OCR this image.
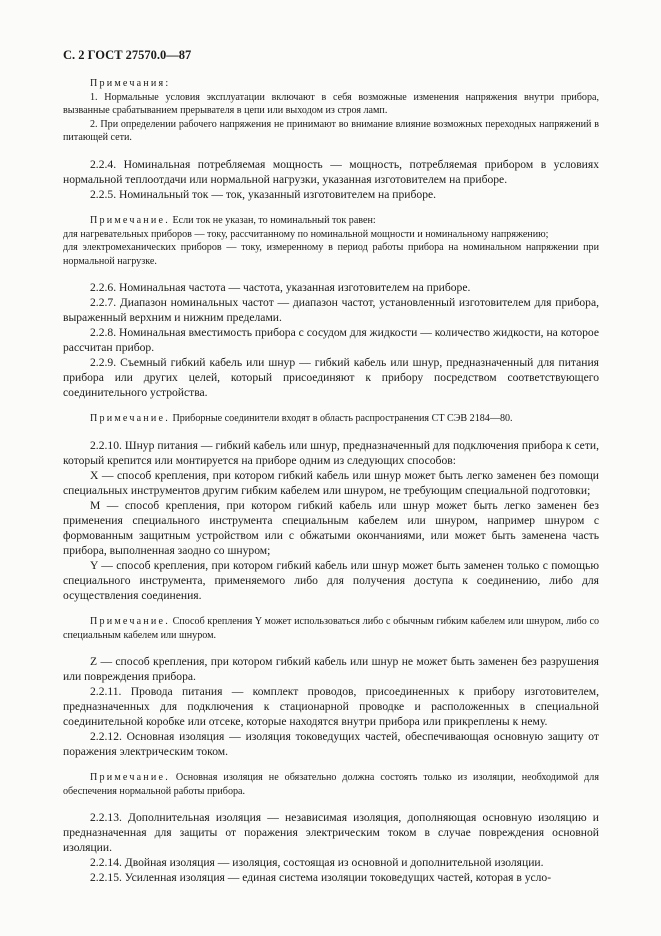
С. 2 ГОСТ 27570.0—87

Примечания:

1. Нормальные условия эксплуатации включают в себя возможные изменения напряжения внутри прибора, вызванные срабатыванием прерывателя в цепи или выходом из строя ламп.

2. При определении рабочего напряжения не принимают во внимание влияние возможных переходных напряжений в питающей сети.

2.2.4. Номинальная потребляемая мощность — мощность, потребляемая прибором в условиях нормальной теплоотдачи или нормальной нагрузки, указанная изготовителем на приборе.

2.2.5. Номинальный ток — ток, указанный изготовителем на приборе.

Примечание. Если ток не указан, то номинальный ток равен:

для нагревательных приборов — току, рассчитанному по номинальной мощности и номинальному напряжению;

для электромеханических приборов — току, измеренному в период работы прибора на номинальном напряжении при нормальной нагрузке.

2.2.6. Номинальная частота — частота, указанная изготовителем на приборе.

2.2.7. Диапазон номинальных частот — диапазон частот, установленный изготовителем для прибора, выраженный верхним и нижним пределами.

2.2.8. Номинальная вместимость прибора с сосудом для жидкости — количество жидкости, на которое рассчитан прибор.

2.2.9. Съемный гибкий кабель или шнур — гибкий кабель или шнур, предназначенный для питания прибора или других целей, который присоединяют к прибору посредством соответствующего соединительного устройства.

Примечание. Приборные соединители входят в область распространения СТ СЭВ 2184—80.

2.2.10. Шнур питания — гибкий кабель или шнур, предназначенный для подключения прибора к сети, который крепится или монтируется на приборе одним из следующих способов:

X — способ крепления, при котором гибкий кабель или шнур может быть легко заменен без помощи специальных инструментов другим гибким кабелем или шнуром, не требующим специальной подготовки;

M — способ крепления, при котором гибкий кабель или шнур может быть легко заменен без применения специального инструмента специальным кабелем или шнуром, например шнуром с формованным защитным устройством или с обжатыми окончаниями, или может быть заменена часть прибора, выполненная заодно со шнуром;

Y — способ крепления, при котором гибкий кабель или шнур может быть заменен только с помощью специального инструмента, применяемого либо для получения доступа к соединению, либо для осуществления соединения.

Примечание. Способ крепления Y может использоваться либо с обычным гибким кабелем или шнуром, либо со специальным кабелем или шнуром.

Z — способ крепления, при котором гибкий кабель или шнур не может быть заменен без разрушения или повреждения прибора.

2.2.11. Провода питания — комплект проводов, присоединенных к прибору изготовителем, предназначенных для подключения к стационарной проводке и расположенных в специальной соединительной коробке или отсеке, которые находятся внутри прибора или прикреплены к нему.

2.2.12. Основная изоляция — изоляция токоведущих частей, обеспечивающая основную защиту от поражения электрическим током.

Примечание. Основная изоляция не обязательно должна состоять только из изоляции, необходимой для обеспечения нормальной работы прибора.

2.2.13. Дополнительная изоляция — независимая изоляция, дополняющая основную изоляцию и предназначенная для защиты от поражения электрическим током в случае повреждения основной изоляции.

2.2.14. Двойная изоляция — изоляция, состоящая из основной и дополнительной изоляции.

2.2.15. Усиленная изоляция — единая система изоляции токоведущих частей, которая в усло-
